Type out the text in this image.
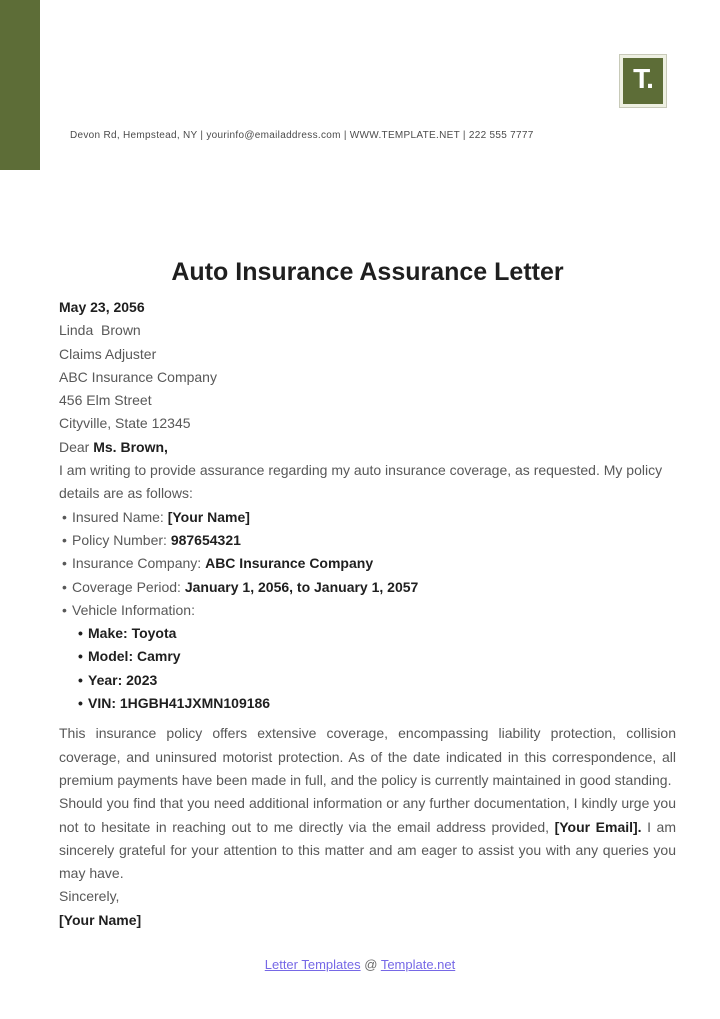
T.
Devon Rd, Hempstead, NY | yourinfo@emailaddress.com | WWW.TEMPLATE.NET | 222 555 7777
Auto Insurance Assurance Letter

May 23, 2056

Linda  Brown

Claims Adjuster

ABC Insurance Company

456 Elm Street

Cityville, State 12345

Dear Ms. Brown,

I am writing to provide assurance regarding my auto insurance coverage, as requested. My policy details are as follows:

• Insured Name: [Your Name]
• Policy Number: 987654321
• Insurance Company: ABC Insurance Company
• Coverage Period: January 1, 2056, to January 1, 2057
• Vehicle Information:
• Make: Toyota
• Model: Camry
• Year: 2023
• VIN: 1HGBH41JXMN109186

This insurance policy offers extensive coverage, encompassing liability protection, collision coverage, and uninsured motorist protection. As of the date indicated in this correspondence, all premium payments have been made in full, and the policy is currently maintained in good standing.

Should you find that you need additional information or any further documentation, I kindly urge you not to hesitate in reaching out to me directly via the email address provided, [Your Email]. I am sincerely grateful for your attention to this matter and am eager to assist you with any queries you may have.

Sincerely,

[Your Name]

Letter Templates @ Template.net
